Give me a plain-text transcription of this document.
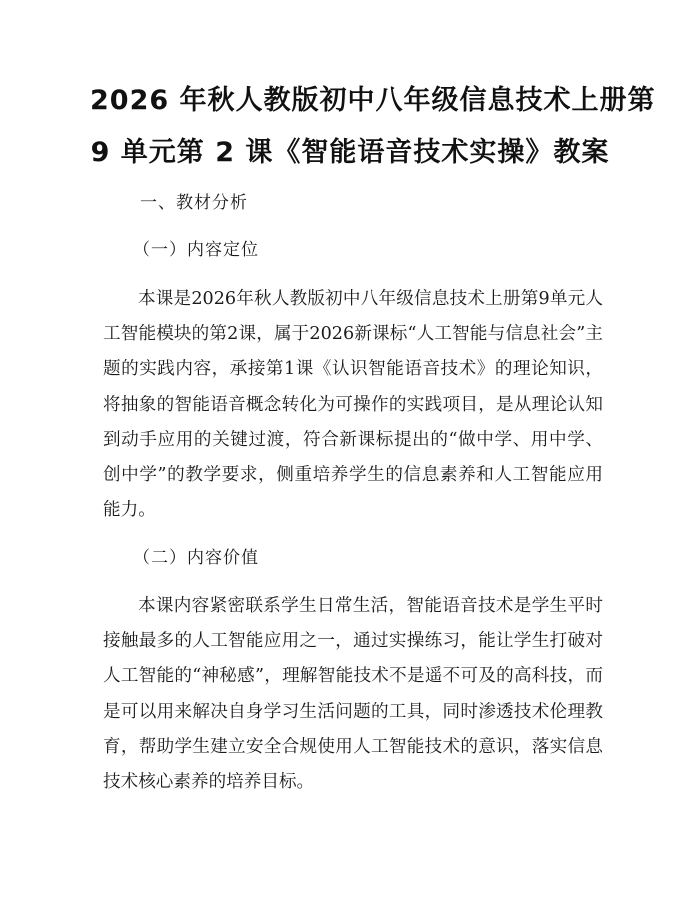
2026 年秋人教版初中八年级信息技术上册第
9 单元第 2 课《智能语音技术实操》教案
一、教材分析
（一）内容定位

本课是2026年秋人教版初中八年级信息技术上册第9单元人工智能模块的第2课，属于2026新课标“人工智能与信息社会”主题的实践内容，承接第1课《认识智能语音技术》的理论知识，将抽象的智能语音概念转化为可操作的实践项目，是从理论认知到动手应用的关键过渡，符合新课标提出的“做中学、用中学、创中学”的教学要求，侧重培养学生的信息素养和人工智能应用能力。

（二）内容价值

本课内容紧密联系学生日常生活，智能语音技术是学生平时接触最多的人工智能应用之一，通过实操练习，能让学生打破对人工智能的“神秘感”，理解智能技术不是遥不可及的高科技，而是可以用来解决自身学习生活问题的工具，同时渗透技术伦理教育，帮助学生建立安全合规使用人工智能技术的意识，落实信息技术核心素养的培养目标。
